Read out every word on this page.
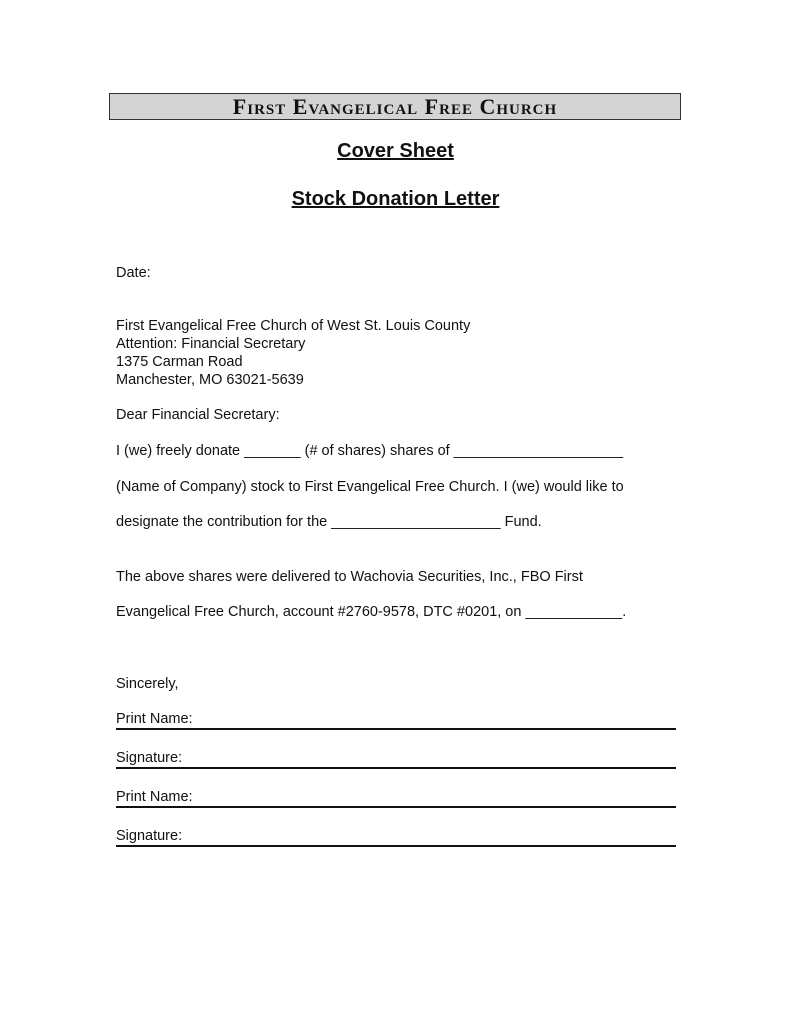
First Evangelical Free Church
Cover Sheet
Stock Donation Letter
Date:
First Evangelical Free Church of West St. Louis County
Attention: Financial Secretary
1375 Carman Road
Manchester, MO 63021-5639
Dear Financial Secretary:
I (we) freely donate _______ (# of shares) shares of _____________________
(Name of Company) stock to First Evangelical Free Church. I (we) would like to
designate the contribution for the _____________________ Fund.
The above shares were delivered to Wachovia Securities, Inc., FBO First
Evangelical Free Church, account #2760-9578, DTC #0201, on ____________.
Sincerely,
Print Name:
Signature:
Print Name:
Signature:
